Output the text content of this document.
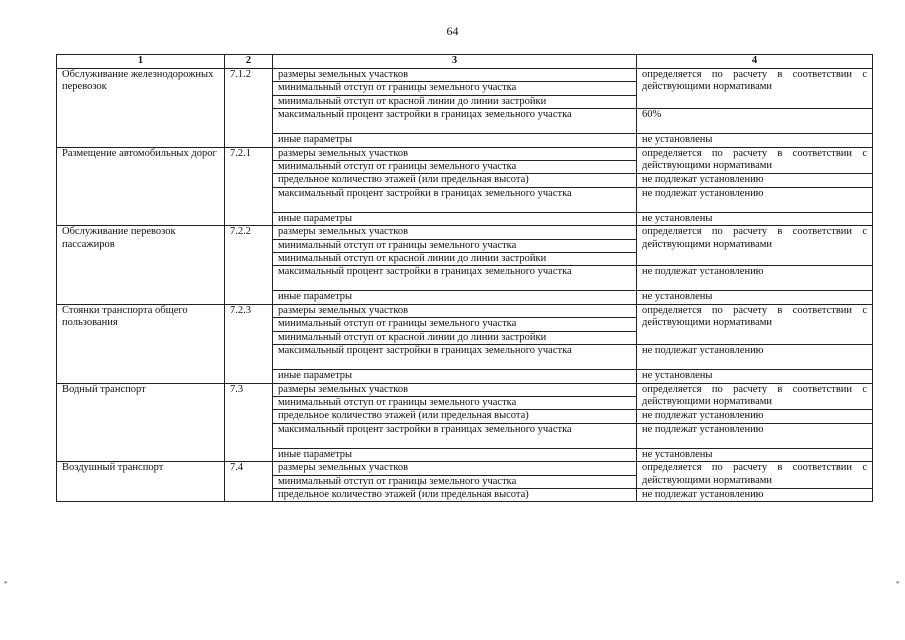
64
1	2	3	4
Обслуживание железнодорожных перевозок	7.1.2	размеры земельных участков	определяется по расчету в соответствии с действующими нормативами
		минимальный отступ от границы земельного участка	
		минимальный отступ от красной линии до линии застройки	
		максимальный процент застройки в границах земельного участка	60%
		иные параметры	не установлены
Размещение автомобильных дорог	7.2.1	размеры земельных участков	определяется по расчету в соответствии с действующими нормативами
		минимальный отступ от границы земельного участка	
		предельное количество этажей (или предельная высота)	не подлежат установлению
		максимальный процент застройки в границах земельного участка	не подлежат установлению
		иные параметры	не установлены
Обслуживание перевозок пассажиров	7.2.2	размеры земельных участков	определяется по расчету в соответствии с действующими нормативами
		минимальный отступ от границы земельного участка	
		минимальный отступ от красной линии до линии застройки	
		максимальный процент застройки в границах земельного участка	не подлежат установлению
		иные параметры	не установлены
Стоянки транспорта общего пользования	7.2.3	размеры земельных участков	определяется по расчету в соответствии с действующими нормативами
		минимальный отступ от границы земельного участка	
		минимальный отступ от красной линии до линии застройки	
		максимальный процент застройки в границах земельного участка	не подлежат установлению
		иные параметры	не установлены
Водный транспорт	7.3	размеры земельных участков	определяется по расчету в соответствии с действующими нормативами
		минимальный отступ от границы земельного участка	
		предельное количество этажей (или предельная высота)	не подлежат установлению
		максимальный процент застройки в границах земельного участка	не подлежат установлению
		иные параметры	не установлены
Воздушный транспорт	7.4	размеры земельных участков	определяется по расчету в соответствии с действующими нормативами
		минимальный отступ от границы земельного участка	
		предельное количество этажей (или предельная высота)	не подлежат установлению
*	*
